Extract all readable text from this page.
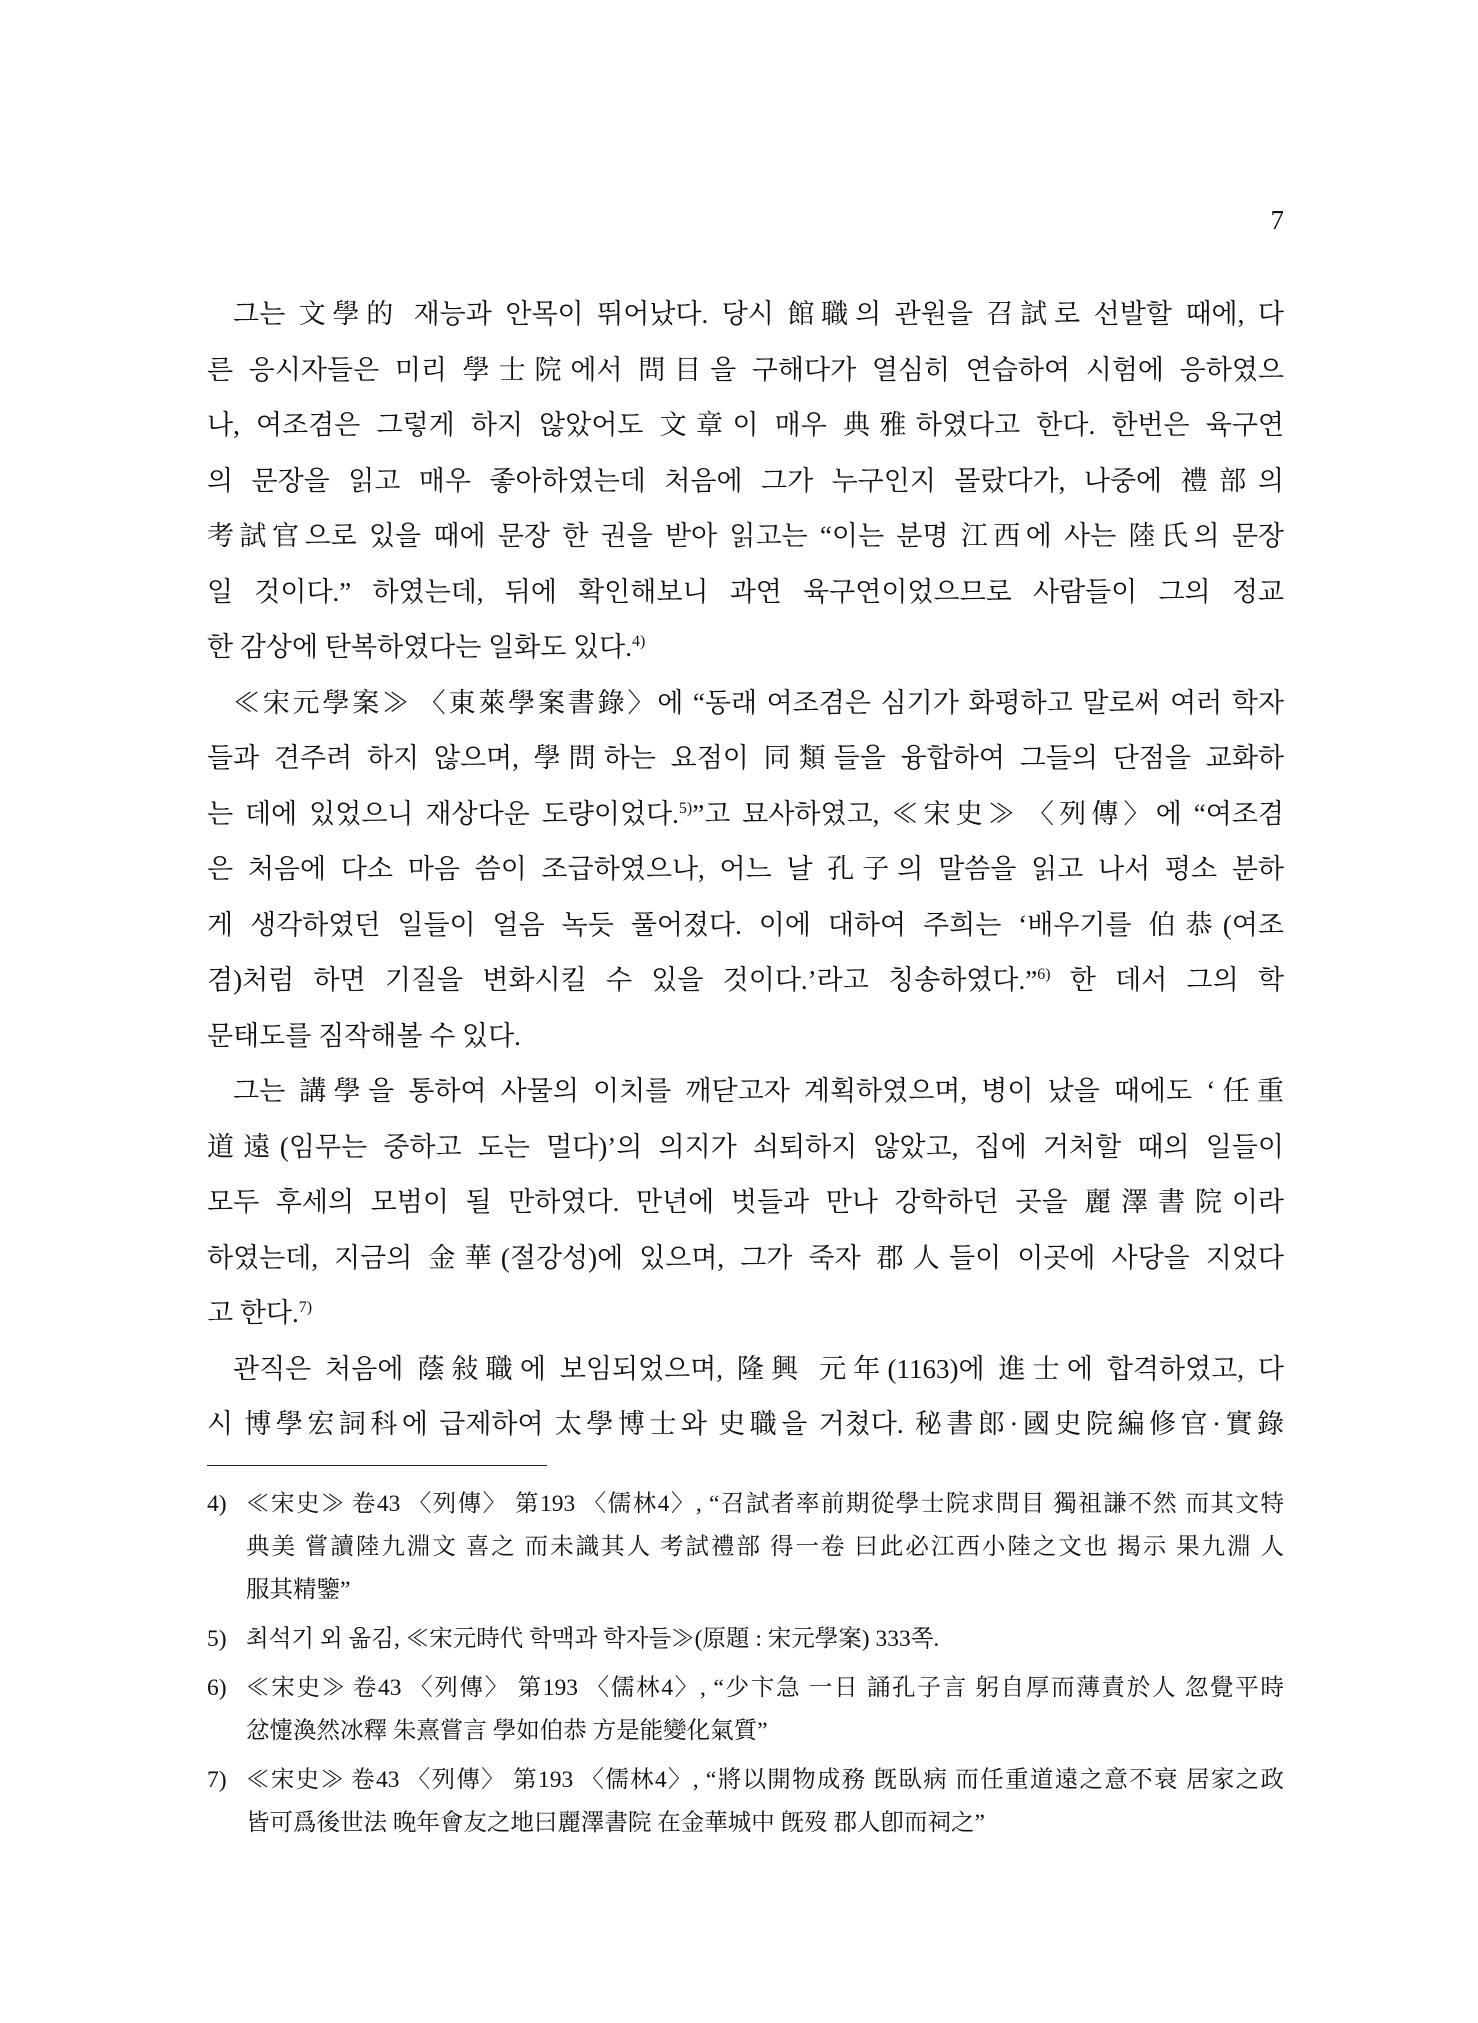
7
그는 文學的 재능과 안목이 뛰어났다. 당시 館職의 관원을 召試로 선발할 때에, 다
른 응시자들은 미리 學士院에서 問目을 구해다가 열심히 연습하여 시험에 응하였으
나, 여조겸은 그렇게 하지 않았어도 文章이 매우 典雅하였다고 한다. 한번은 육구연
의 문장을 읽고 매우 좋아하였는데 처음에 그가 누구인지 몰랐다가, 나중에 禮部의
考試官으로 있을 때에 문장 한 권을 받아 읽고는 “이는 분명 江西에 사는 陸氏의 문장
일 것이다.” 하였는데, 뒤에 확인해보니 과연 육구연이었으므로 사람들이 그의 정교
한 감상에 탄복하였다는 일화도 있다.$^{4)}$
≪宋元學案≫ 〈東萊學案書錄〉에 “동래 여조겸은 심기가 화평하고 말로써 여러 학자
들과 견주려 하지 않으며, 學問하는 요점이 同類들을 융합하여 그들의 단점을 교화하
는 데에 있었으니 재상다운 도량이었다.$^{5)}$”고 묘사하였고, ≪宋史≫ 〈列傳〉에 “여조겸
은 처음에 다소 마음 씀이 조급하였으나, 어느 날 孔子의 말씀을 읽고 나서 평소 분하
게 생각하였던 일들이 얼음 녹듯 풀어졌다. 이에 대하여 주희는 ‘배우기를 伯恭(여조
겸)처럼 하면 기질을 변화시킬 수 있을 것이다.’라고 칭송하였다.”$^{6)}$ 한 데서 그의 학
문태도를 짐작해볼 수 있다.
그는 講學을 통하여 사물의 이치를 깨닫고자 계획하였으며, 병이 났을 때에도 ‘任重
道遠(임무는 중하고 도는 멀다)’의 의지가 쇠퇴하지 않았고, 집에 거처할 때의 일들이
모두 후세의 모범이 될 만하였다. 만년에 벗들과 만나 강학하던 곳을 麗澤書院이라
하였는데, 지금의 金華(절강성)에 있으며, 그가 죽자 郡人들이 이곳에 사당을 지었다
고 한다.$^{7)}$
관직은 처음에 蔭敍職에 보임되었으며, 隆興 元年(1163)에 進士에 합격하였고, 다
시 博學宏詞科에 급제하여 太學博士와 史職을 거쳤다. 秘書郎·國史院編修官·實錄
4) ≪宋史≫ 卷43 〈列傳〉 第193 〈儒林4〉, “召試者率前期從學士院求問目 獨祖謙不然 而其文特
典美 嘗讀陸九淵文 喜之 而未識其人 考試禮部 得一卷 曰此必江西小陸之文也 揭示 果九淵 人
服其精鑒”
5) 최석기 외 옮김, ≪宋元時代 학맥과 학자들≫(原題 : 宋元學案) 333쪽.
6) ≪宋史≫ 卷43 〈列傳〉 第193 〈儒林4〉, “少卞急 一日 誦孔子言 躬自厚而薄責於人 忽覺平時
忿懥渙然冰釋 朱熹嘗言 學如伯恭 方是能變化氣質”
7) ≪宋史≫ 卷43 〈列傳〉 第193 〈儒林4〉, “將以開物成務 旣臥病 而任重道遠之意不衰 居家之政
皆可爲後世法 晚年會友之地曰麗澤書院 在金華城中 旣歿 郡人卽而祠之”
